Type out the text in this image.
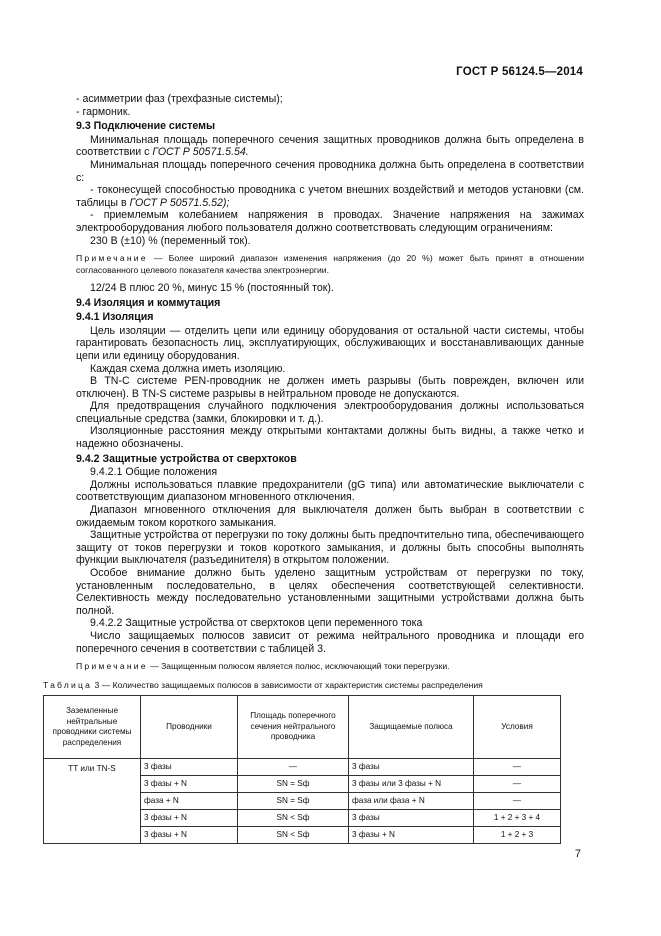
ГОСТ Р 56124.5—2014

- асимметрии фаз (трехфазные системы);

- гармоник.

9.3 Подключение системы

Минимальная площадь поперечного сечения защитных проводников должна быть определена в соответствии с ГОСТ Р 50571.5.54.

Минимальная площадь поперечного сечения проводника должна быть определена в соответствии с:

- токонесущей способностью проводника с учетом внешних воздействий и методов установки (см. таблицы в ГОСТ Р 50571.5.52);

- приемлемым колебанием напряжения в проводах. Значение напряжения на зажимах электрооборудования любого пользователя должно соответствовать следующим ограничениям:

230 В (±10) % (переменный ток).

Примечание — Более широкий диапазон изменения напряжения (до 20 %) может быть принят в отношении согласованного целевого показателя качества электроэнергии.

12/24 В плюс 20 %, минус 15 % (постоянный ток).

9.4 Изоляция и коммутация

9.4.1 Изоляция

Цель изоляции — отделить цепи или единицу оборудования от остальной части системы, чтобы гарантировать безопасность лиц, эксплуатирующих, обслуживающих и восстанавливающих данные цепи или единицу оборудования.

Каждая схема должна иметь изоляцию.

В TN-C системе PEN-проводник не должен иметь разрывы (быть поврежден, включен или отключен). В TN-S системе разрывы в нейтральном проводе не допускаются.

Для предотвращения случайного подключения электрооборудования должны использоваться специальные средства (замки, блокировки и т. д.).

Изоляционные расстояния между открытыми контактами должны быть видны, а также четко и надежно обозначены.

9.4.2 Защитные устройства от сверхтоков

9.4.2.1 Общие положения

Должны использоваться плавкие предохранители (gG типа) или автоматические выключатели с соответствующим диапазоном мгновенного отключения.

Диапазон мгновенного отключения для выключателя должен быть выбран в соответствии с ожидаемым током короткого замыкания.

Защитные устройства от перегрузки по току должны быть предпочтительно типа, обеспечивающего защиту от токов перегрузки и токов короткого замыкания, и должны быть способны выполнять функции выключателя (разъединителя) в открытом положении.

Особое внимание должно быть уделено защитным устройствам от перегрузки по току, установленным последовательно, в целях обеспечения соответствующей селективности. Селективность между последовательно установленными защитными устройствами должна быть полной.

9.4.2.2 Защитные устройства от сверхтоков цепи переменного тока

Число защищаемых полюсов зависит от режима нейтрального проводника и площади его поперечного сечения в соответствии с таблицей 3.

Примечание — Защищенным полюсом является полюс, исключающий токи перегрузки.

Таблица 3 — Количество защищаемых полюсов в зависимости от характеристик системы распределения

Заземленные нейтральные проводники системы распределения	Проводники	Площадь поперечного сечения нейтрального проводника	Защищаемые полюса	Условия
TT или TN-S	3 фазы	—	3 фазы	—
	3 фазы + N	SN = Sф	3 фазы или 3 фазы + N	—
	фаза + N	SN = Sф	фаза или фаза + N	—
	3 фазы + N	SN < Sф	3 фазы	1 + 2 + 3 + 4
	3 фазы + N	SN < Sф	3 фазы + N	1 + 2 + 3
7
